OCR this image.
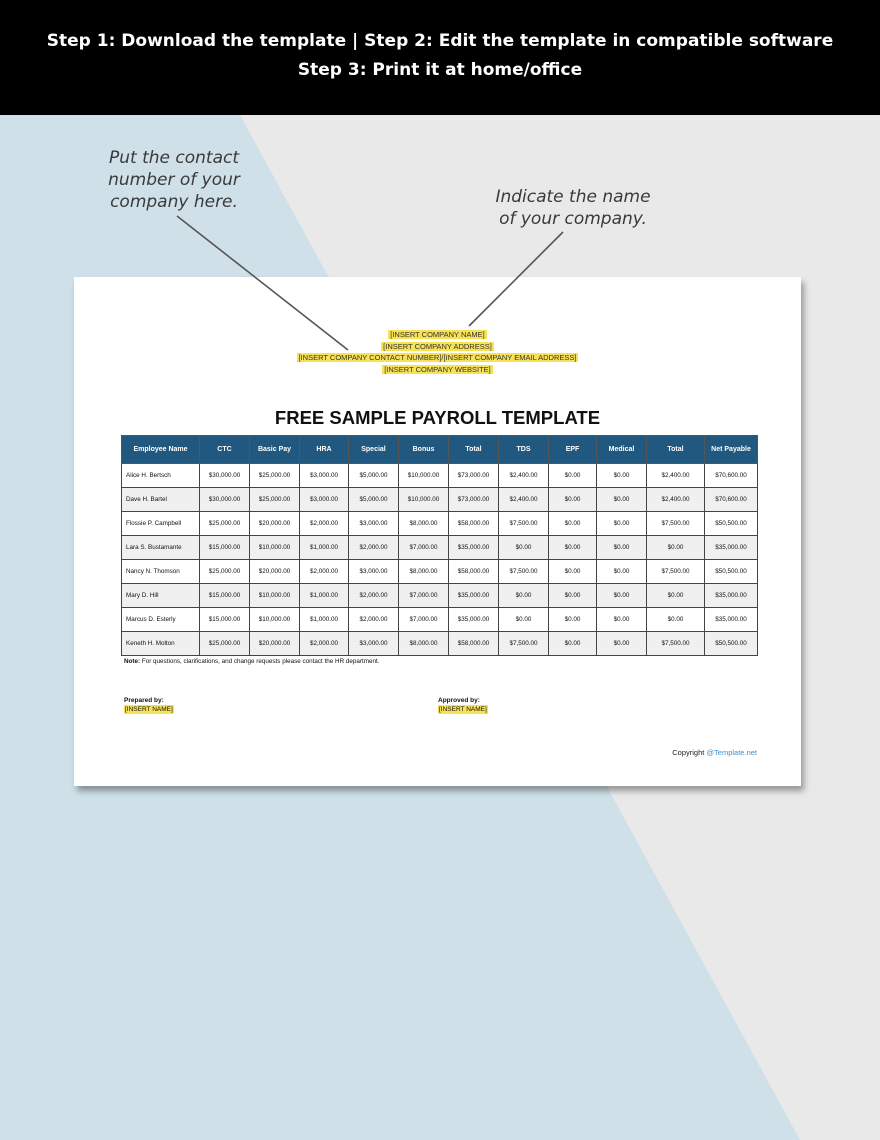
Step 1: Download the template | Step 2: Edit the template in compatible software
Step 3: Print it at home/office
Put the contact
number of your
company here.	Indicate the name
of your company.
[INSERT COMPANY NAME]
[INSERT COMPANY ADDRESS]
[INSERT COMPANY CONTACT NUMBER]/[INSERT COMPANY EMAIL ADDRESS]
[INSERT COMPANY WEBSITE]
FREE SAMPLE PAYROLL TEMPLATE
Employee Name	CTC	Basic Pay	HRA	Special	Bonus	Total	TDS	EPF	Medical	Total	Net Payable
Alice H. Bertsch	$30,000.00	$25,000.00	$3,000.00	$5,000.00	$10,000.00	$73,000.00	$2,400.00	$0.00	$0.00	$2,400.00	$70,600.00
Dave H. Bartel	$30,000.00	$25,000.00	$3,000.00	$5,000.00	$10,000.00	$73,000.00	$2,400.00	$0.00	$0.00	$2,400.00	$70,600.00
Flossie P. Campbell	$25,000.00	$20,000.00	$2,000.00	$3,000.00	$8,000.00	$58,000.00	$7,500.00	$0.00	$0.00	$7,500.00	$50,500.00
Lara S. Bustamante	$15,000.00	$10,000.00	$1,000.00	$2,000.00	$7,000.00	$35,000.00	$0.00	$0.00	$0.00	$0.00	$35,000.00
Nancy N. Thomson	$25,000.00	$20,000.00	$2,000.00	$3,000.00	$8,000.00	$58,000.00	$7,500.00	$0.00	$0.00	$7,500.00	$50,500.00
Mary D. Hill	$15,000.00	$10,000.00	$1,000.00	$2,000.00	$7,000.00	$35,000.00	$0.00	$0.00	$0.00	$0.00	$35,000.00
Marcus D. Esterly	$15,000.00	$10,000.00	$1,000.00	$2,000.00	$7,000.00	$35,000.00	$0.00	$0.00	$0.00	$0.00	$35,000.00
Keneth H. Molton	$25,000.00	$20,000.00	$2,000.00	$3,000.00	$8,000.00	$58,000.00	$7,500.00	$0.00	$0.00	$7,500.00	$50,500.00
Note: For questions, clarifications, and change requests please contact the HR department.
Prepared by:
[INSERT NAME]
Approved by:
[INSERT NAME]
Copyright @Template.net
